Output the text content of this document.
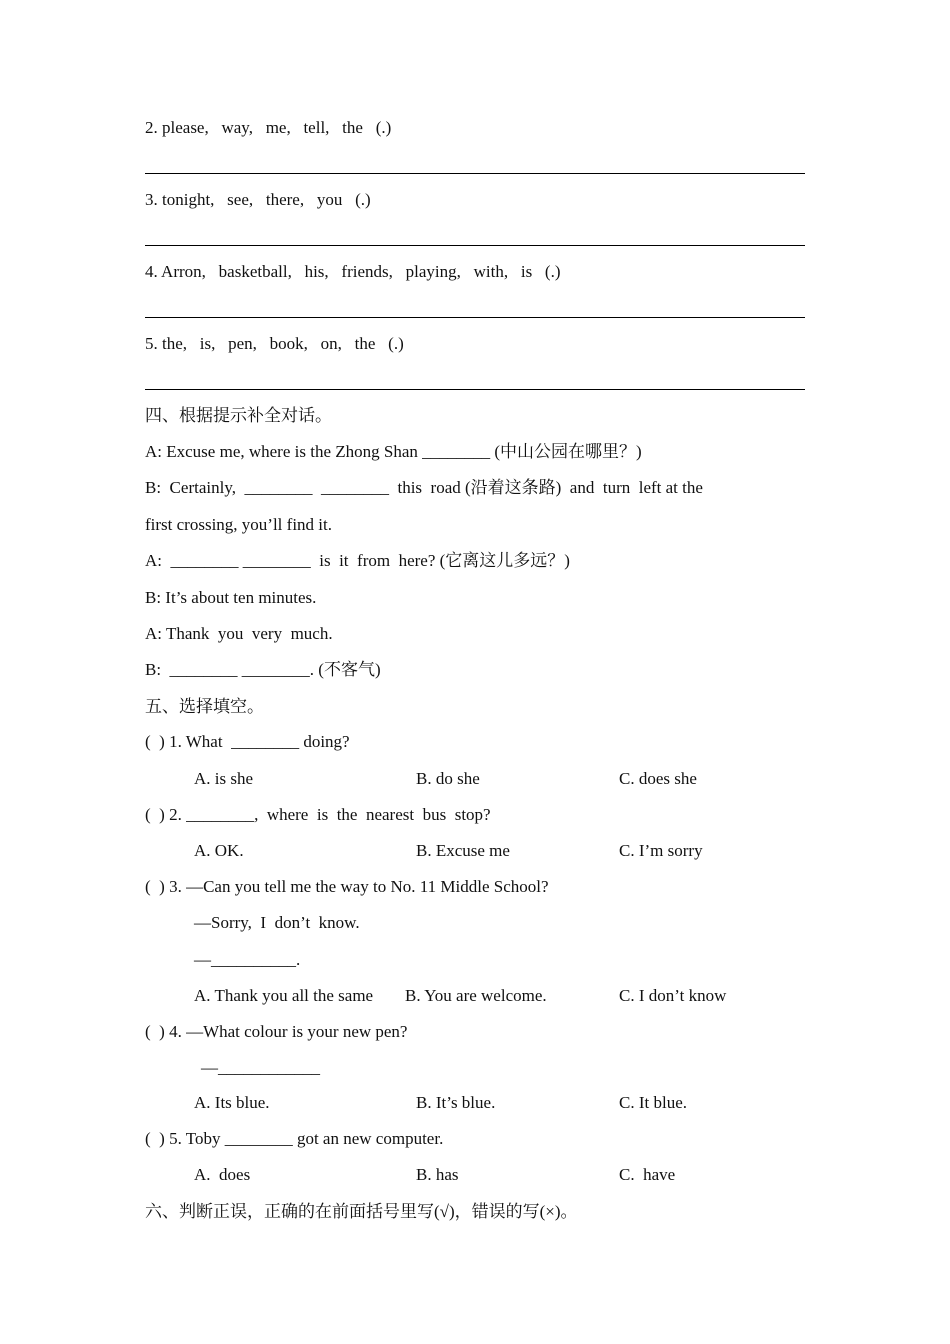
2. please,   way,   me,   tell,   the   (.)
3. tonight,   see,   there,   you   (.)
4. Arron,   basketball,   his,   friends,   playing,   with,   is   (.)
5. the,   is,   pen,   book,   on,   the   (.)
四、根据提示补全对话。
A: Excuse me, where is the Zhong Shan ________ (中山公园在哪里？)
B:  Certainly,  ________  ________  this  road (沿着这条路)  and  turn  left at the
first crossing, you’ll find it.
A:  ________ ________  is  it  from  here? (它离这儿多远？)
B: It’s about ten minutes.
A: Thank  you  very  much.
B:  ________ ________. (不客气)
五、选择填空。
(  ) 1. What  ________ doing?
A. is she	B. do she	C. does she
(  ) 2. ________,  where  is  the  nearest  bus  stop?
A. OK.	B. Excuse me	C. I’m sorry
(  ) 3. —Can you tell me the way to No. 11 Middle School?
—Sorry,  I  don’t  know.
—__________.
A. Thank you all the same B. You are welcome.	C. I don’t know
(  ) 4. —What colour is your new pen?
—____________
A. Its blue.	B. It’s blue.	C. It blue.
(  ) 5. Toby ________ got an new computer.
A.  does	B. has	C.  have
六、判断正误，正确的在前面括号里写(√)，错误的写(×)。
